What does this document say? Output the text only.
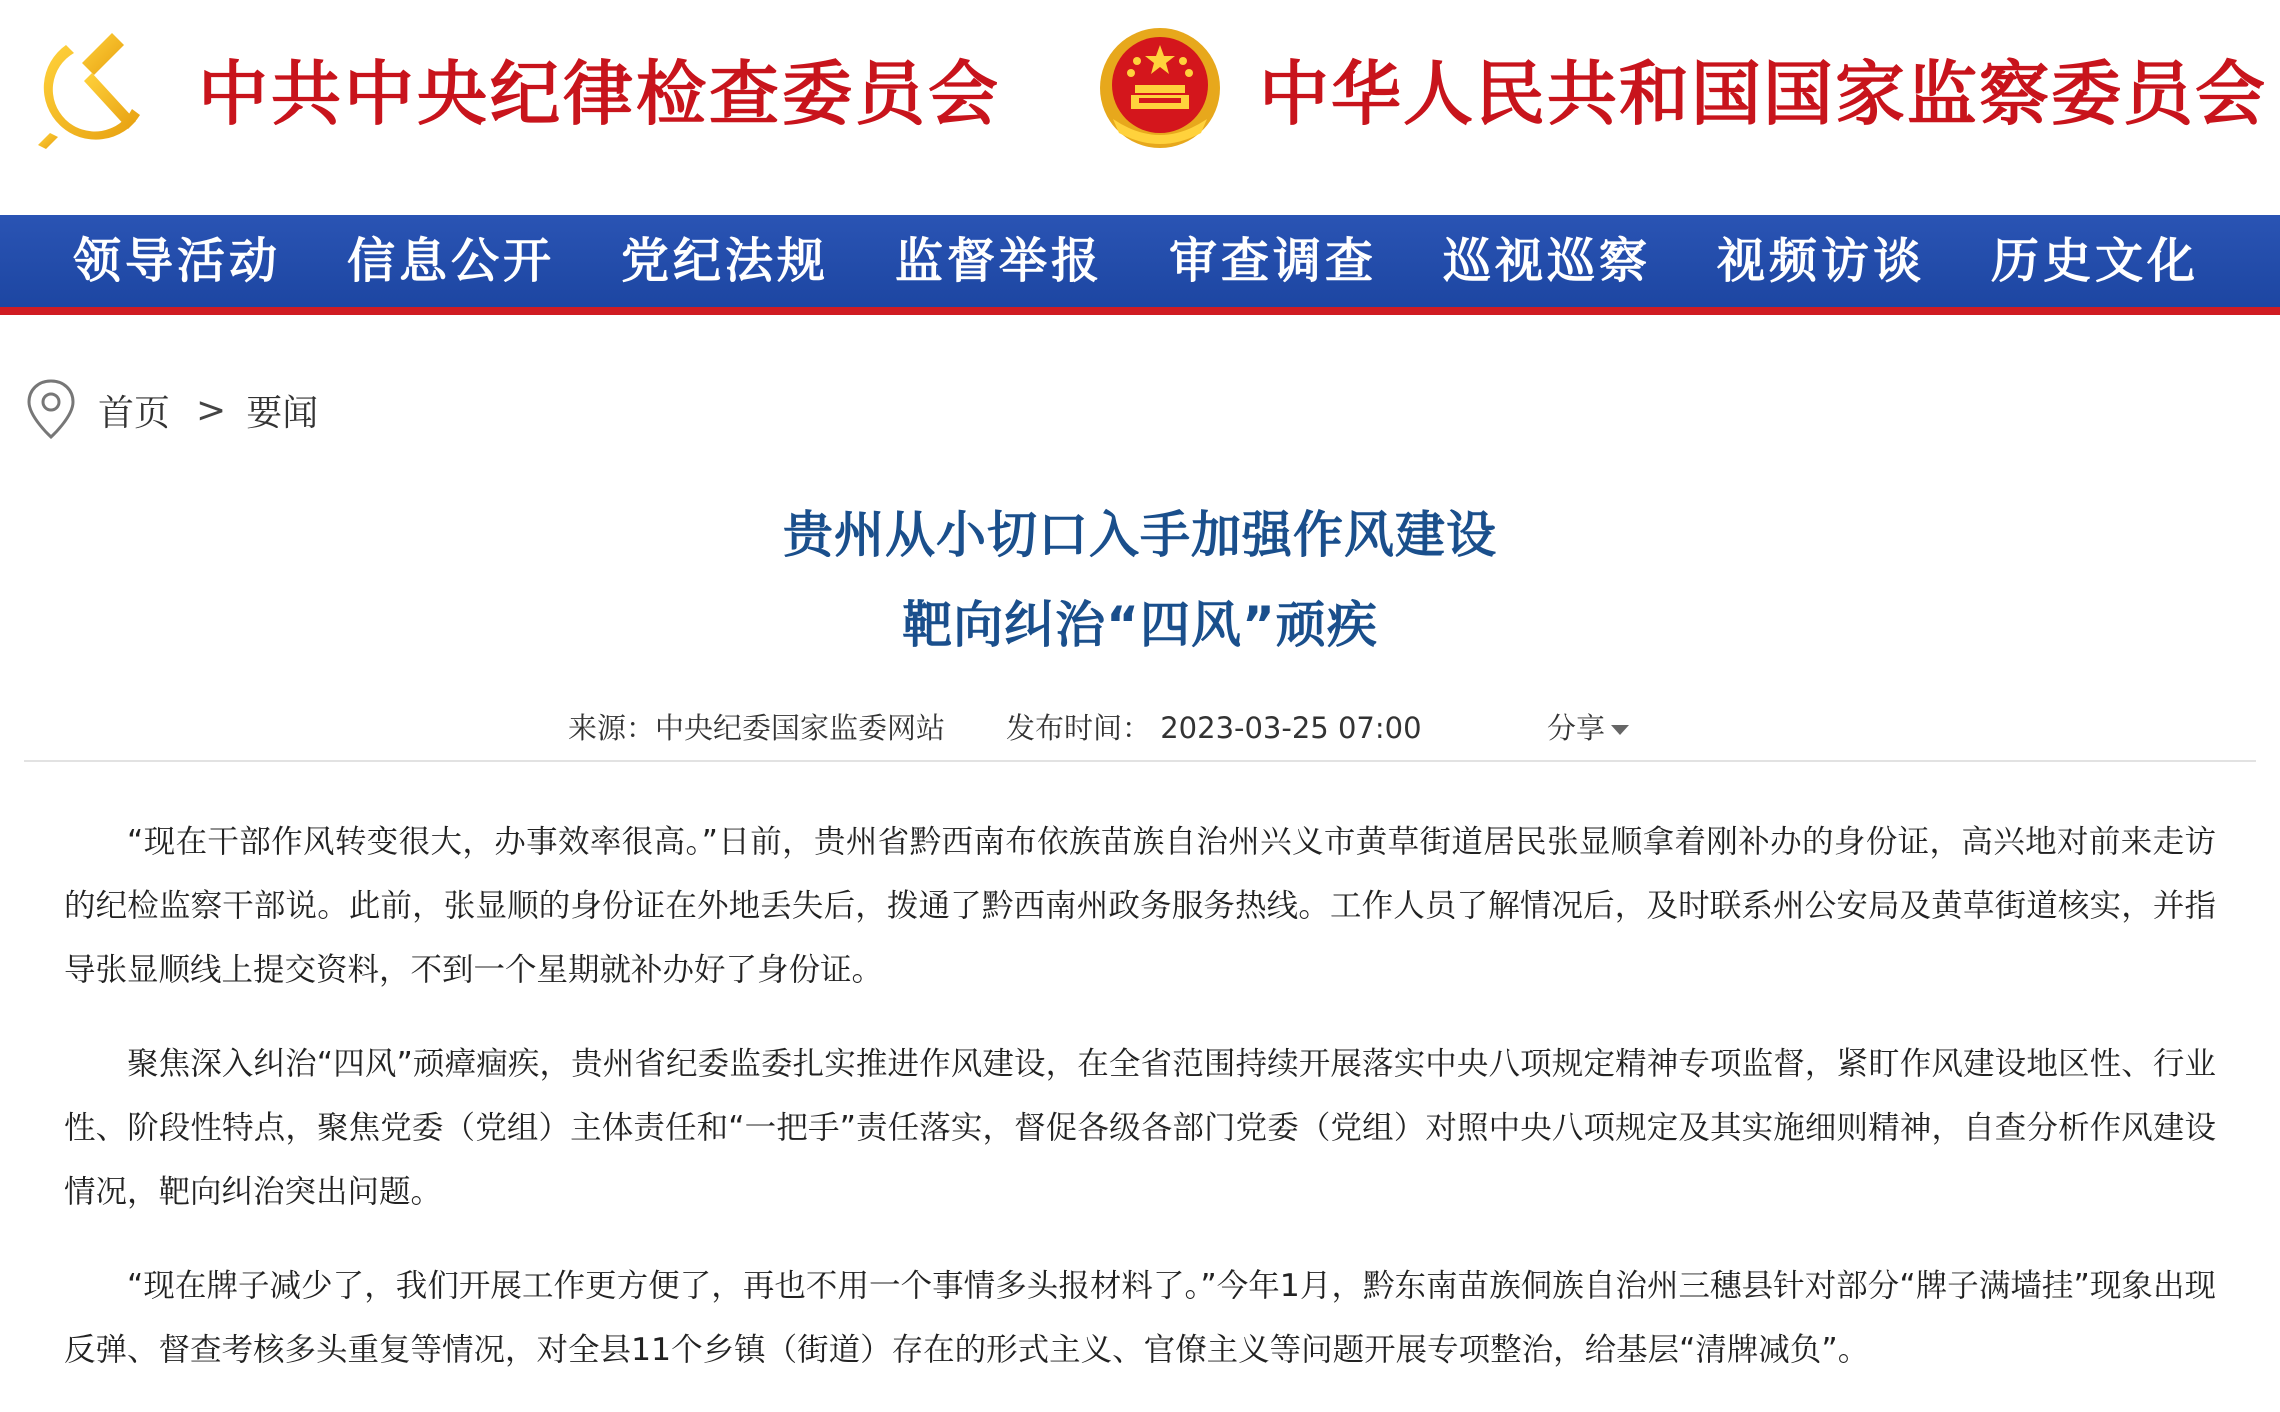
中共中央纪律检查委员会	中华人民共和国国家监察委员会
领导活动	信息公开	党纪法规	监督举报	审查调查	巡视巡察	视频访谈	历史文化
首页 > 要闻
贵州从小切口入手加强作风建设
靶向纠治“四风”顽疾
来源：中央纪委国家监委网站 发布时间： 2023-03-25 07:00	分享

“现在干部作风转变很大，办事效率很高。”日前，贵州省黔西南布依族苗族自治州兴义市黄草街道居民张显顺拿着刚补办的身份证，高兴地对前来走访的纪检监察干部说。此前，张显顺的身份证在外地丢失后，拨通了黔西南州政务服务热线。工作人员了解情况后，及时联系州公安局及黄草街道核实，并指导张显顺线上提交资料，不到一个星期就补办好了身份证。

聚焦深入纠治“四风”顽瘴痼疾，贵州省纪委监委扎实推进作风建设，在全省范围持续开展落实中央八项规定精神专项监督，紧盯作风建设地区性、行业性、阶段性特点，聚焦党委（党组）主体责任和“一把手”责任落实，督促各级各部门党委（党组）对照中央八项规定及其实施细则精神，自查分析作风建设情况，靶向纠治突出问题。

“现在牌子减少了，我们开展工作更方便了，再也不用一个事情多头报材料了。”今年1月，黔东南苗族侗族自治州三穗县针对部分“牌子满墙挂”现象出现反弹、督查考核多头重复等情况，对全县11个乡镇（街道）存在的形式主义、官僚主义等问题开展专项整治，给基层“清牌减负”。
